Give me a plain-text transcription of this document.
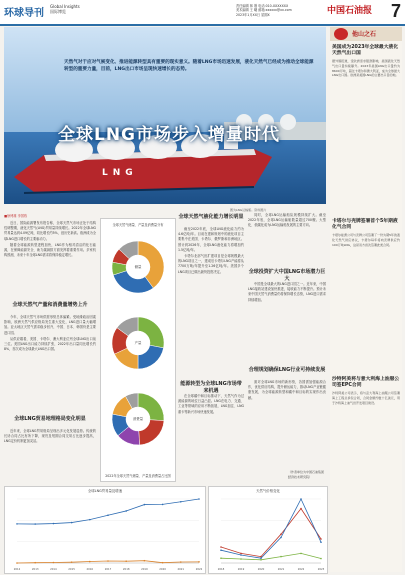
环球导刊
Global Insights
国际博览
责任编辑 林 刚 电话:010-XXXXXXX
美术编辑 王 曦 邮箱:xxxxxx@xx.com
2023年1月XX日 星期X	中国石油报 7
天然气对于应对气候变化、推进能源转型具有重要的现实意义。随着LNG市场迅速发展，液化天然气已经成为推动全球能源转型的重要力量，目前，LNG出口市场呈现快速增长的态势。
全球LNG市场步入增量时代
LNG
图为LNG运输船。资料图片
■徐博雄 李国栋

近日，国际能源署发布报告称，全球天然气市场正处于结构性调整期，液化天然气(LNG)贸易量持续增长。2022年全球LNG贸易量达到4.09亿吨，同比增长约5%，创历史新高。欧洲成为全球LNG进口增长的主要驱动力。

随着全球能源转型进程加快，LNG作为相对清洁的化石能源，在保障能源安全、助力碳减排方面发挥着重要作用。多家机构预测，未来十年全球LNG需求将保持稳定增长。

全球天然气产量和消费量增势上升

今年，全球天然气市场供需形势总体偏紧。受地缘政治因素影响，欧洲天然气供应格局发生重大变化，LNG进口量大幅增加。亚太地区天然气需求稳步回升，中国、日本、韩国仍是主要进口国。

从供应端看，美国、卡塔尔、澳大利亚位列全球LNG出口前三位。美国LNG出口能力持续扩张，2022年出口量同比增长约8%，首次成为全球最大LNG出口国。

全球LNG贸易地理格局变化明显

近年来，全球LNG贸易格局呈现出多元化发展趋势。传统的长协合同占比有所下降，现货及短期合同交易占比逐步提高，LNG定价机制更加灵活。

全球天然气储量、产量及消费量分布
储量
产量
消费量
2022年全球天然气储量、产量及消费量占比图
全球天然气液化能力增长明显

截至2022年底，全球LNG液化能力约为4.6亿吨/年。目前在建和规划中的液化项目主要集中在美国、卡塔尔、俄罗斯和非洲地区。预计到2026年，全球LNG液化能力将增加约1.5亿吨/年。

卡塔尔北部气田扩建项目是全球规模最大的LNG项目之一，建成后卡塔尔LNG产能将从7700万吨/年提升至1.26亿吨/年。美国多个LNG项目已做出最终投资决定。

能源转型为全球LNG市场带来机遇

在全球碳中和目标推动下，天然气作为过渡能源的地位日益凸显。LNG在电力、交通、工业等领域的应用不断拓展，LNG加注、LNG重卡等新兴市场快速发展。

同时，全球LNG运输船队规模持续扩大。截至2022年底，全球LNG运输船数量超过700艘。大型化、低碳化成为LNG运输船发展的主要方向。

全球投资扩大中国LNG市场潜力巨大

中国是全球最大的LNG进口国之一。近年来，中国LNG接收站建设加快推进，接收能力不断提升。预计未来中国天然气消费量仍将保持增长态势，LNG进口需求持续增加。

合理规划确保LNG行业可持续发展

面对全球LNG市场的新形势，各国需加强能源合作，优化供应结构，提升储运能力，推动LNG产业链健康发展，为全球能源转型和碳中和目标的实现作出贡献。

（作者单位为中国石油集团经济技术研究院）
全球LNG贸易量及增速
2012	2013	2014	2015	2016	2017	2018	2019	2020	2021	2022
天然气价格变化
2018	2019	2020	2021	2022	2023
他山之石
美国成为2023年全球最大液化天然气出口国
据外媒报道，受欧洲需求强劲影响，美国液化天然气出口量持续攀升。2023年美国LNG出口量约为8600万吨，超过卡塔尔和澳大利亚，成为全球最大LNG出口国。欧洲是美国LNG的主要出口目的地。
卡塔尔与壳牌签署首个5年期液化气合同
卡塔尔能源公司与壳牌公司签署了一份为期5年的液化天然气供应协议，卡塔尔每年将向壳牌供应约100万吨LNG，这是双方首次签署此类合同。
沙特阿美将与意大利海上油服公司签EPC合同
沙特阿美公司表示，将与意大利海上油服公司签署海上工程总承包合同，合同金额约数十亿美元，用于沙特海上油气田开发项目建设。
